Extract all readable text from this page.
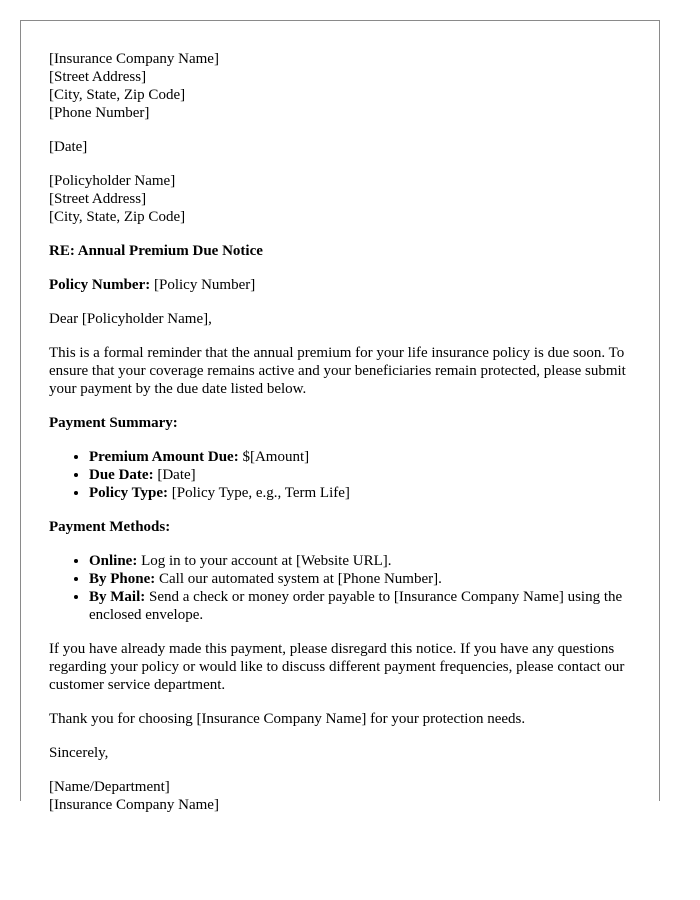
[Insurance Company Name]
[Street Address]
[City, State, Zip Code]
[Phone Number]
[Date]
[Policyholder Name]
[Street Address]
[City, State, Zip Code]
RE: Annual Premium Due Notice
Policy Number: [Policy Number]
Dear [Policyholder Name],
This is a formal reminder that the annual premium for your life insurance policy is due soon. To ensure that your coverage remains active and your beneficiaries remain protected, please submit your payment by the due date listed below.
Payment Summary:
• Premium Amount Due: $[Amount]
• Due Date: [Date]
• Policy Type: [Policy Type, e.g., Term Life]
Payment Methods:
• Online: Log in to your account at [Website URL].
• By Phone: Call our automated system at [Phone Number].
• By Mail: Send a check or money order payable to [Insurance Company Name] using the enclosed envelope.
If you have already made this payment, please disregard this notice. If you have any questions regarding your policy or would like to discuss different payment frequencies, please contact our customer service department.
Thank you for choosing [Insurance Company Name] for your protection needs.
Sincerely,
[Name/Department]
[Insurance Company Name]
